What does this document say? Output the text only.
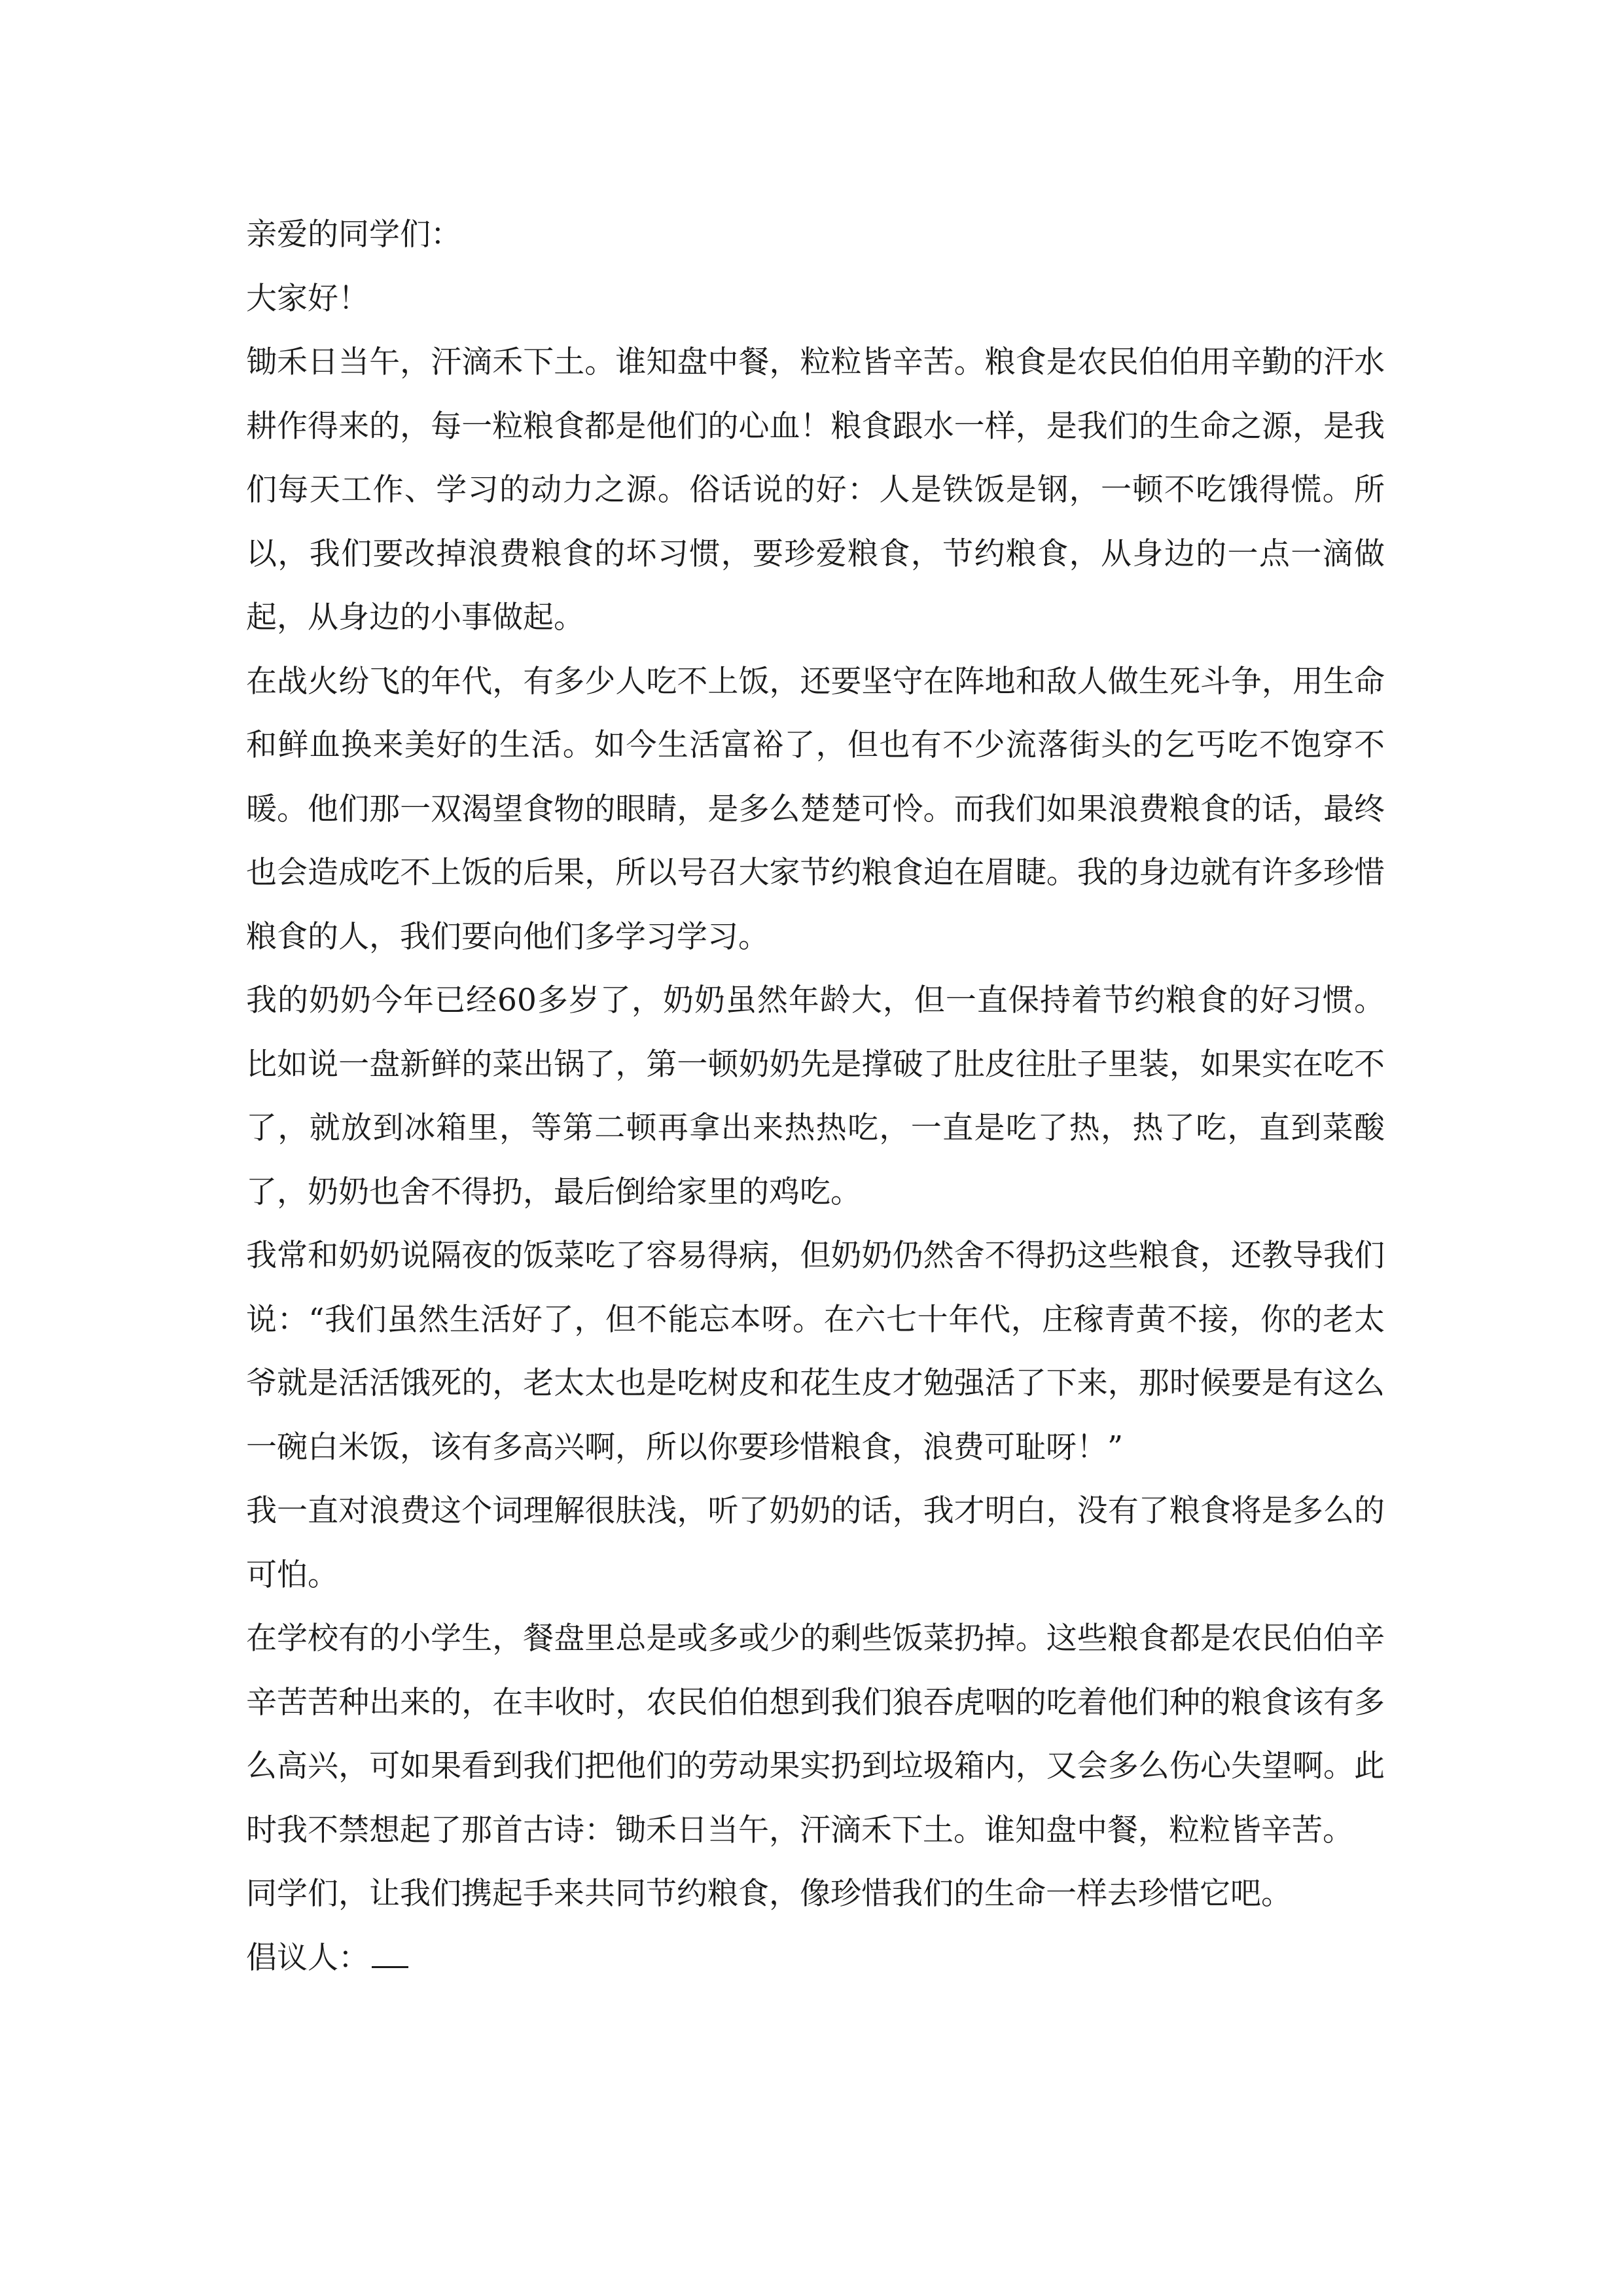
亲爱的同学们：

大家好！

锄禾日当午，汗滴禾下土。谁知盘中餐，粒粒皆辛苦。粮食是农民伯伯用辛勤的汗水耕作得来的，每一粒粮食都是他们的心血！粮食跟水一样，是我们的生命之源，是我们每天工作、学习的动力之源。俗话说的好：人是铁饭是钢，一顿不吃饿得慌。所以，我们要改掉浪费粮食的坏习惯，要珍爱粮食，节约粮食，从身边的一点一滴做起，从身边的小事做起。

在战火纷飞的年代，有多少人吃不上饭，还要坚守在阵地和敌人做生死斗争，用生命和鲜血换来美好的生活。如今生活富裕了，但也有不少流落街头的乞丐吃不饱穿不暖。他们那一双渴望食物的眼睛，是多么楚楚可怜。而我们如果浪费粮食的话，最终也会造成吃不上饭的后果，所以号召大家节约粮食迫在眉睫。我的身边就有许多珍惜粮食的人，我们要向他们多学习学习。

我的奶奶今年已经60多岁了，奶奶虽然年龄大，但一直保持着节约粮食的好习惯。比如说一盘新鲜的菜出锅了，第一顿奶奶先是撑破了肚皮往肚子里装，如果实在吃不了，就放到冰箱里，等第二顿再拿出来热热吃，一直是吃了热，热了吃，直到菜酸了，奶奶也舍不得扔，最后倒给家里的鸡吃。

我常和奶奶说隔夜的饭菜吃了容易得病，但奶奶仍然舍不得扔这些粮食，还教导我们说：“我们虽然生活好了，但不能忘本呀。在六七十年代，庄稼青黄不接，你的老太爷就是活活饿死的，老太太也是吃树皮和花生皮才勉强活了下来，那时候要是有这么一碗白米饭，该有多高兴啊，所以你要珍惜粮食，浪费可耻呀！”

我一直对浪费这个词理解很肤浅，听了奶奶的话，我才明白，没有了粮食将是多么的可怕。

在学校有的小学生，餐盘里总是或多或少的剩些饭菜扔掉。这些粮食都是农民伯伯辛辛苦苦种出来的，在丰收时，农民伯伯想到我们狼吞虎咽的吃着他们种的粮食该有多么高兴，可如果看到我们把他们的劳动果实扔到垃圾箱内，又会多么伤心失望啊。此时我不禁想起了那首古诗：锄禾日当午，汗滴禾下土。谁知盘中餐，粒粒皆辛苦。

同学们，让我们携起手来共同节约粮食，像珍惜我们的生命一样去珍惜它吧。

倡议人：
